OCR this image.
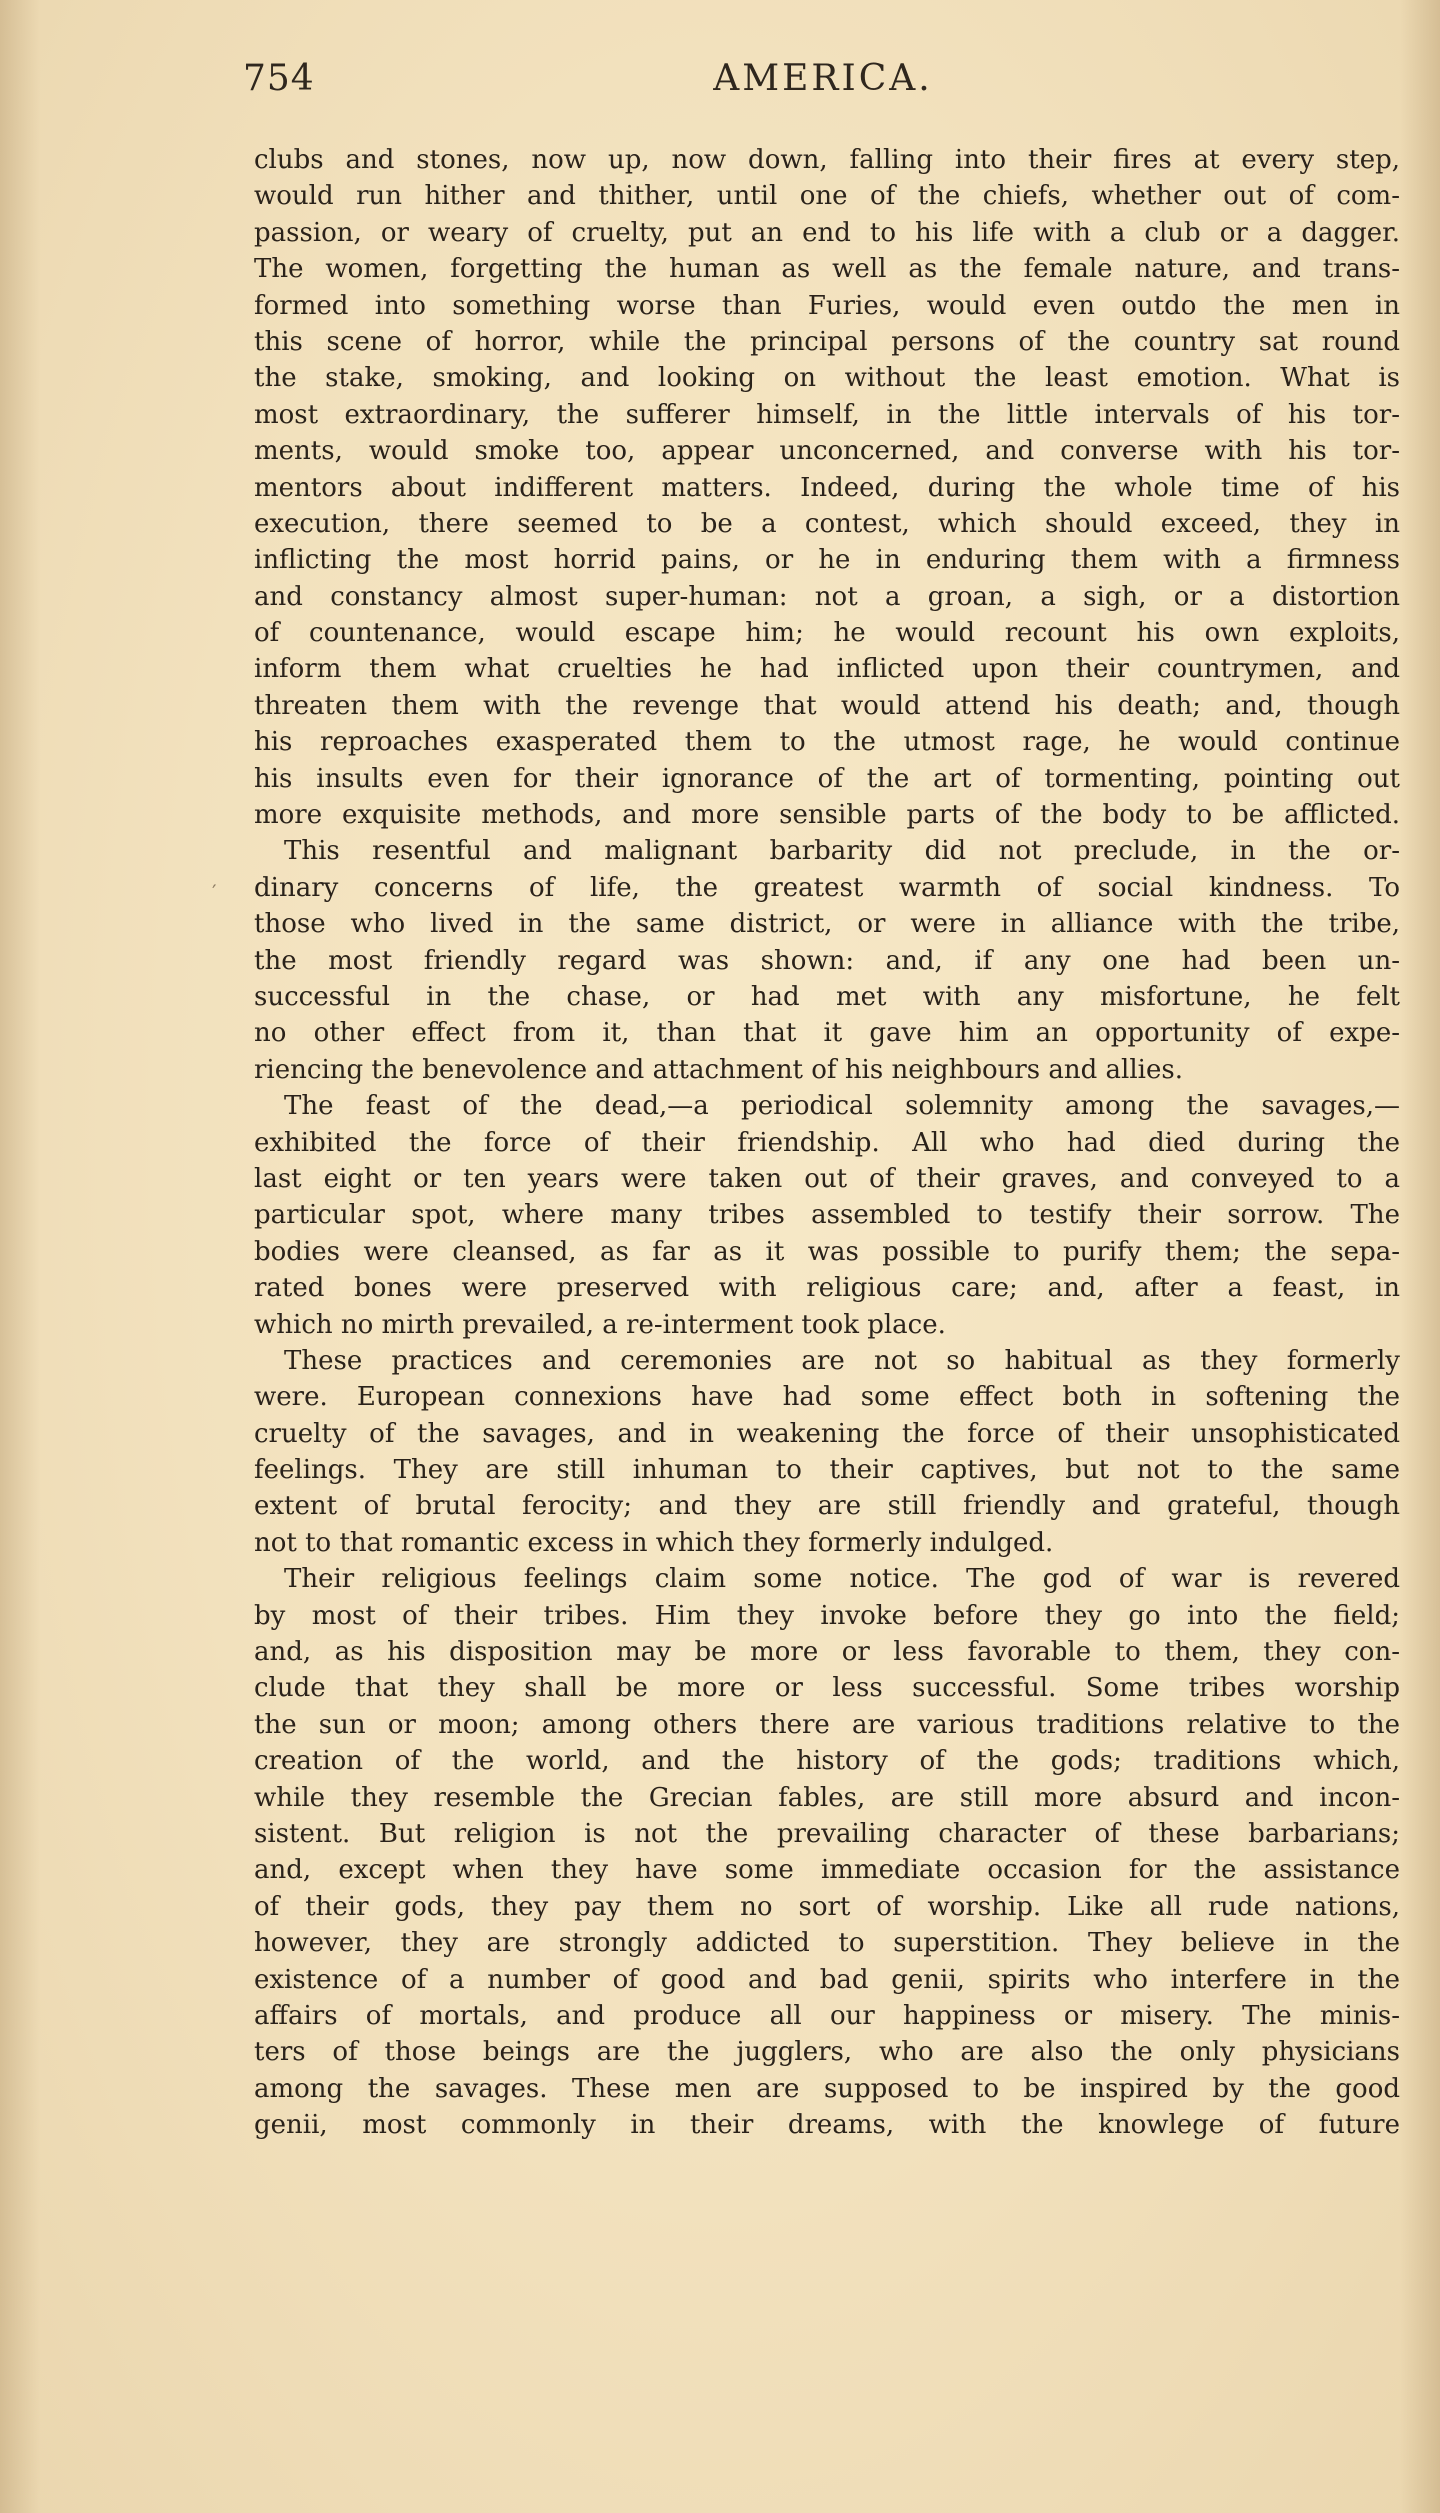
754	AMERICA.
′
clubs and stones, now up, now down, falling into their fires at every step,
would run hither and thither, until one of the chiefs, whether out of com-
passion, or weary of cruelty, put an end to his life with a club or a dagger.
The women, forgetting the human as well as the female nature, and trans-
formed into something worse than Furies, would even outdo the men in
this scene of horror, while the principal persons of the country sat round
the stake, smoking, and looking on without the least emotion. What is
most extraordinary, the sufferer himself, in the little intervals of his tor-
ments, would smoke too, appear unconcerned, and converse with his tor-
mentors about indifferent matters. Indeed, during the whole time of his
execution, there seemed to be a contest, which should exceed, they in
inflicting the most horrid pains, or he in enduring them with a firmness
and constancy almost super-human: not a groan, a sigh, or a distortion
of countenance, would escape him; he would recount his own exploits,
inform them what cruelties he had inflicted upon their countrymen, and
threaten them with the revenge that would attend his death; and, though
his reproaches exasperated them to the utmost rage, he would continue
his insults even for their ignorance of the art of tormenting, pointing out
more exquisite methods, and more sensible parts of the body to be afflicted.
This resentful and malignant barbarity did not preclude, in the or-
dinary concerns of life, the greatest warmth of social kindness. To
those who lived in the same district, or were in alliance with the tribe,
the most friendly regard was shown: and, if any one had been un-
successful in the chase, or had met with any misfortune, he felt
no other effect from it, than that it gave him an opportunity of expe-
riencing the benevolence and attachment of his neighbours and allies.
The feast of the dead,—a periodical solemnity among the savages,—
exhibited the force of their friendship. All who had died during the
last eight or ten years were taken out of their graves, and conveyed to a
particular spot, where many tribes assembled to testify their sorrow. The
bodies were cleansed, as far as it was possible to purify them; the sepa-
rated bones were preserved with religious care; and, after a feast, in
which no mirth prevailed, a re-interment took place.
These practices and ceremonies are not so habitual as they formerly
were. European connexions have had some effect both in softening the
cruelty of the savages, and in weakening the force of their unsophisticated
feelings. They are still inhuman to their captives, but not to the same
extent of brutal ferocity; and they are still friendly and grateful, though
not to that romantic excess in which they formerly indulged.
Their religious feelings claim some notice. The god of war is revered
by most of their tribes. Him they invoke before they go into the field;
and, as his disposition may be more or less favorable to them, they con-
clude that they shall be more or less successful. Some tribes worship
the sun or moon; among others there are various traditions relative to the
creation of the world, and the history of the gods; traditions which,
while they resemble the Grecian fables, are still more absurd and incon-
sistent. But religion is not the prevailing character of these barbarians;
and, except when they have some immediate occasion for the assistance
of their gods, they pay them no sort of worship. Like all rude nations,
however, they are strongly addicted to superstition. They believe in the
existence of a number of good and bad genii, spirits who interfere in the
affairs of mortals, and produce all our happiness or misery. The minis-
ters of those beings are the jugglers, who are also the only physicians
among the savages. These men are supposed to be inspired by the good
genii, most commonly in their dreams, with the knowlege of future
